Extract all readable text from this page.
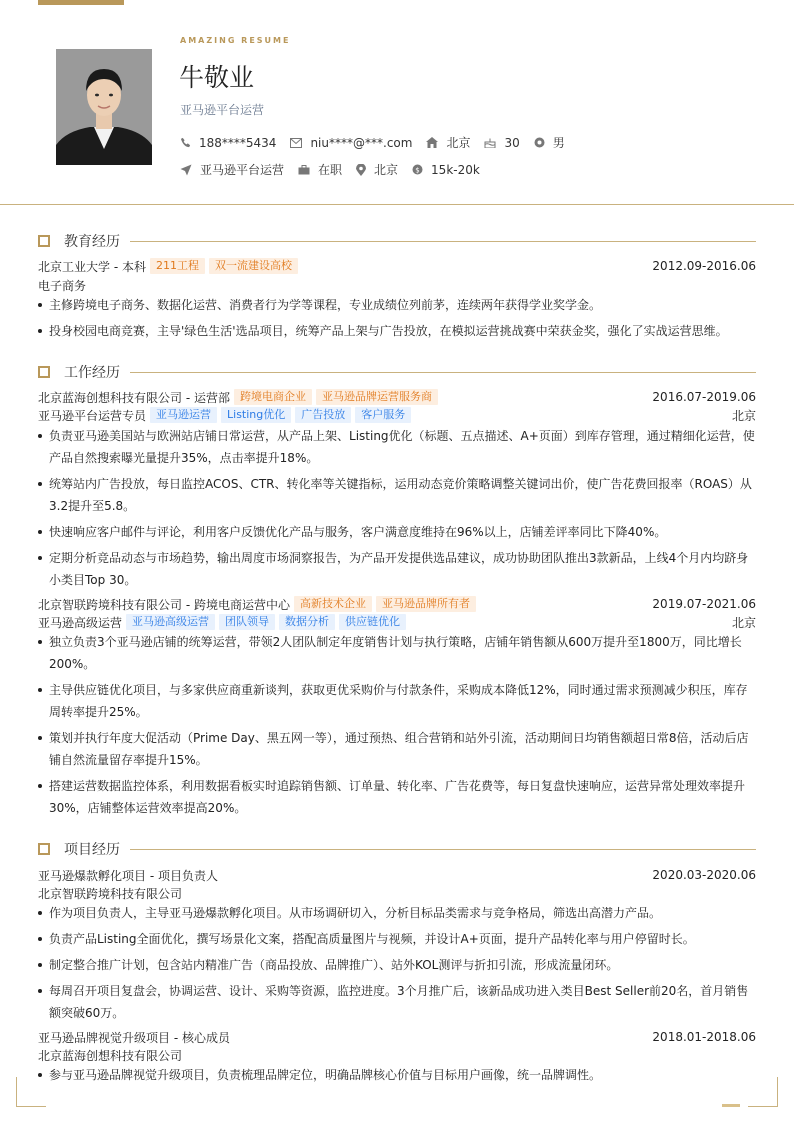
AMAZING RESUME
牛敬业
亚马逊平台运营
188****5434	niu****@***.com	北京	30	男
亚马逊平台运营	在职	北京 $ 15k-20k
教育经历
北京工业大学 - 本科 211工程	双一流建设高校	2012.09-2016.06
电子商务
主修跨境电子商务、数据化运营、消费者行为学等课程，专业成绩位列前茅，连续两年获得学业奖学金。
投身校园电商竞赛，主导'绿色生活'选品项目，统筹产品上架与广告投放，在模拟运营挑战赛中荣获金奖，强化了实战运营思维。
工作经历
北京蓝海创想科技有限公司 - 运营部 跨境电商企业	亚马逊品牌运营服务商	2016.07-2019.06
亚马逊平台运营专员 亚马逊运营	Listing优化	广告投放	客户服务	北京
负责亚马逊美国站与欧洲站店铺日常运营，从产品上架、Listing优化（标题、五点描述、A+页面）到库存管理，通过精细化运营，使产品自然搜索曝光量提升35%，点击率提升18%。
统筹站内广告投放，每日监控ACOS、CTR、转化率等关键指标，运用动态竞价策略调整关键词出价，使广告花费回报率（ROAS）从3.2提升至5.8。
快速响应客户邮件与评论，利用客户反馈优化产品与服务，客户满意度维持在96%以上，店铺差评率同比下降40%。
定期分析竞品动态与市场趋势，输出周度市场洞察报告，为产品开发提供选品建议，成功协助团队推出3款新品，上线4个月内均跻身小类目Top 30。
北京智联跨境科技有限公司 - 跨境电商运营中心 高新技术企业	亚马逊品牌所有者	2019.07-2021.06
亚马逊高级运营 亚马逊高级运营	团队领导	数据分析	供应链优化	北京
独立负责3个亚马逊店铺的统筹运营，带领2人团队制定年度销售计划与执行策略，店铺年销售额从600万提升至1800万，同比增长200%。
主导供应链优化项目，与多家供应商重新谈判，获取更优采购价与付款条件，采购成本降低12%，同时通过需求预测减少积压，库存周转率提升25%。
策划并执行年度大促活动（Prime Day、黑五网一等），通过预热、组合营销和站外引流，活动期间日均销售额超日常8倍，活动后店铺自然流量留存率提升15%。
搭建运营数据监控体系，利用数据看板实时追踪销售额、订单量、转化率、广告花费等，每日复盘快速响应，运营异常处理效率提升30%，店铺整体运营效率提高20%。
项目经历
亚马逊爆款孵化项目 - 项目负责人	2020.03-2020.06
北京智联跨境科技有限公司
作为项目负责人，主导亚马逊爆款孵化项目。从市场调研切入，分析目标品类需求与竞争格局，筛选出高潜力产品。
负责产品Listing全面优化，撰写场景化文案，搭配高质量图片与视频，并设计A+页面，提升产品转化率与用户停留时长。
制定整合推广计划，包含站内精准广告（商品投放、品牌推广）、站外KOL测评与折扣引流，形成流量闭环。
每周召开项目复盘会，协调运营、设计、采购等资源，监控进度。3个月推广后，该新品成功进入类目Best Seller前20名，首月销售额突破60万。
亚马逊品牌视觉升级项目 - 核心成员	2018.01-2018.06
北京蓝海创想科技有限公司
参与亚马逊品牌视觉升级项目，负责梳理品牌定位，明确品牌核心价值与目标用户画像，统一品牌调性。
